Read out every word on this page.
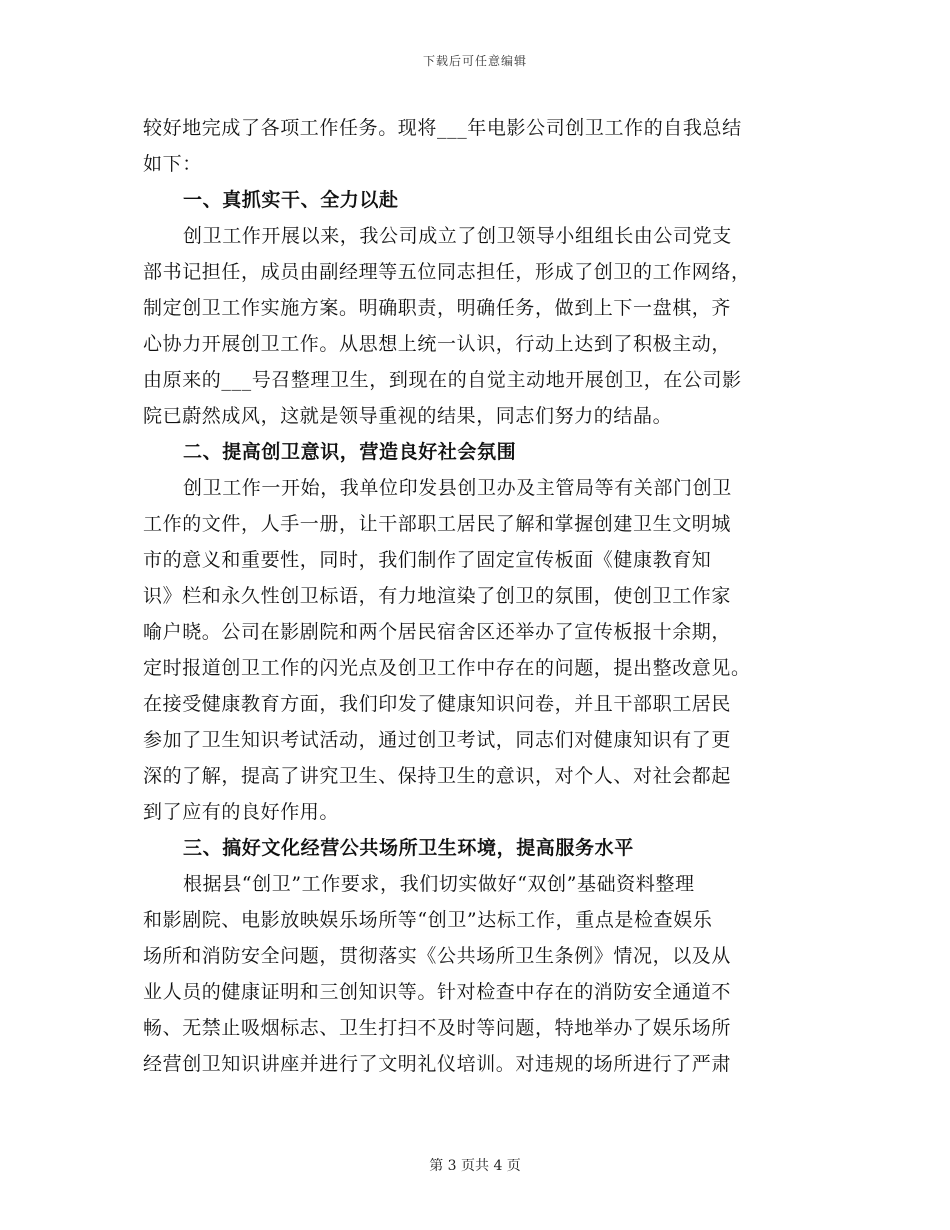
下载后可任意编辑
较好地完成了各项工作任务。现将___年电影公司创卫工作的自我总结
如下：
一、真抓实干、全力以赴
创卫工作开展以来，我公司成立了创卫领导小组组长由公司党支
部书记担任，成员由副经理等五位同志担任，形成了创卫的工作网络，
制定创卫工作实施方案。明确职责，明确任务，做到上下一盘棋，齐
心协力开展创卫工作。从思想上统一认识，行动上达到了积极主动，
由原来的___号召整理卫生，到现在的自觉主动地开展创卫，在公司影
院已蔚然成风，这就是领导重视的结果，同志们努力的结晶。
二、提高创卫意识，营造良好社会氛围
创卫工作一开始，我单位印发县创卫办及主管局等有关部门创卫
工作的文件，人手一册，让干部职工居民了解和掌握创建卫生文明城
市的意义和重要性，同时，我们制作了固定宣传板面《健康教育知
识》栏和永久性创卫标语，有力地渲染了创卫的氛围，使创卫工作家
喻户晓。公司在影剧院和两个居民宿舍区还举办了宣传板报十余期，
定时报道创卫工作的闪光点及创卫工作中存在的问题，提出整改意见。
在接受健康教育方面，我们印发了健康知识问卷，并且干部职工居民
参加了卫生知识考试活动，通过创卫考试，同志们对健康知识有了更
深的了解，提高了讲究卫生、保持卫生的意识，对个人、对社会都起
到了应有的良好作用。
三、搞好文化经营公共场所卫生环境，提高服务水平
根据县“创卫”工作要求，我们切实做好“双创”基础资料整理
和影剧院、电影放映娱乐场所等“创卫”达标工作，重点是检查娱乐
场所和消防安全问题，贯彻落实《公共场所卫生条例》情况，以及从
业人员的健康证明和三创知识等。针对检查中存在的消防安全通道不
畅、无禁止吸烟标志、卫生打扫不及时等问题，特地举办了娱乐场所
经营创卫知识讲座并进行了文明礼仪培训。对违规的场所进行了严肃
第 3 页共 4 页
